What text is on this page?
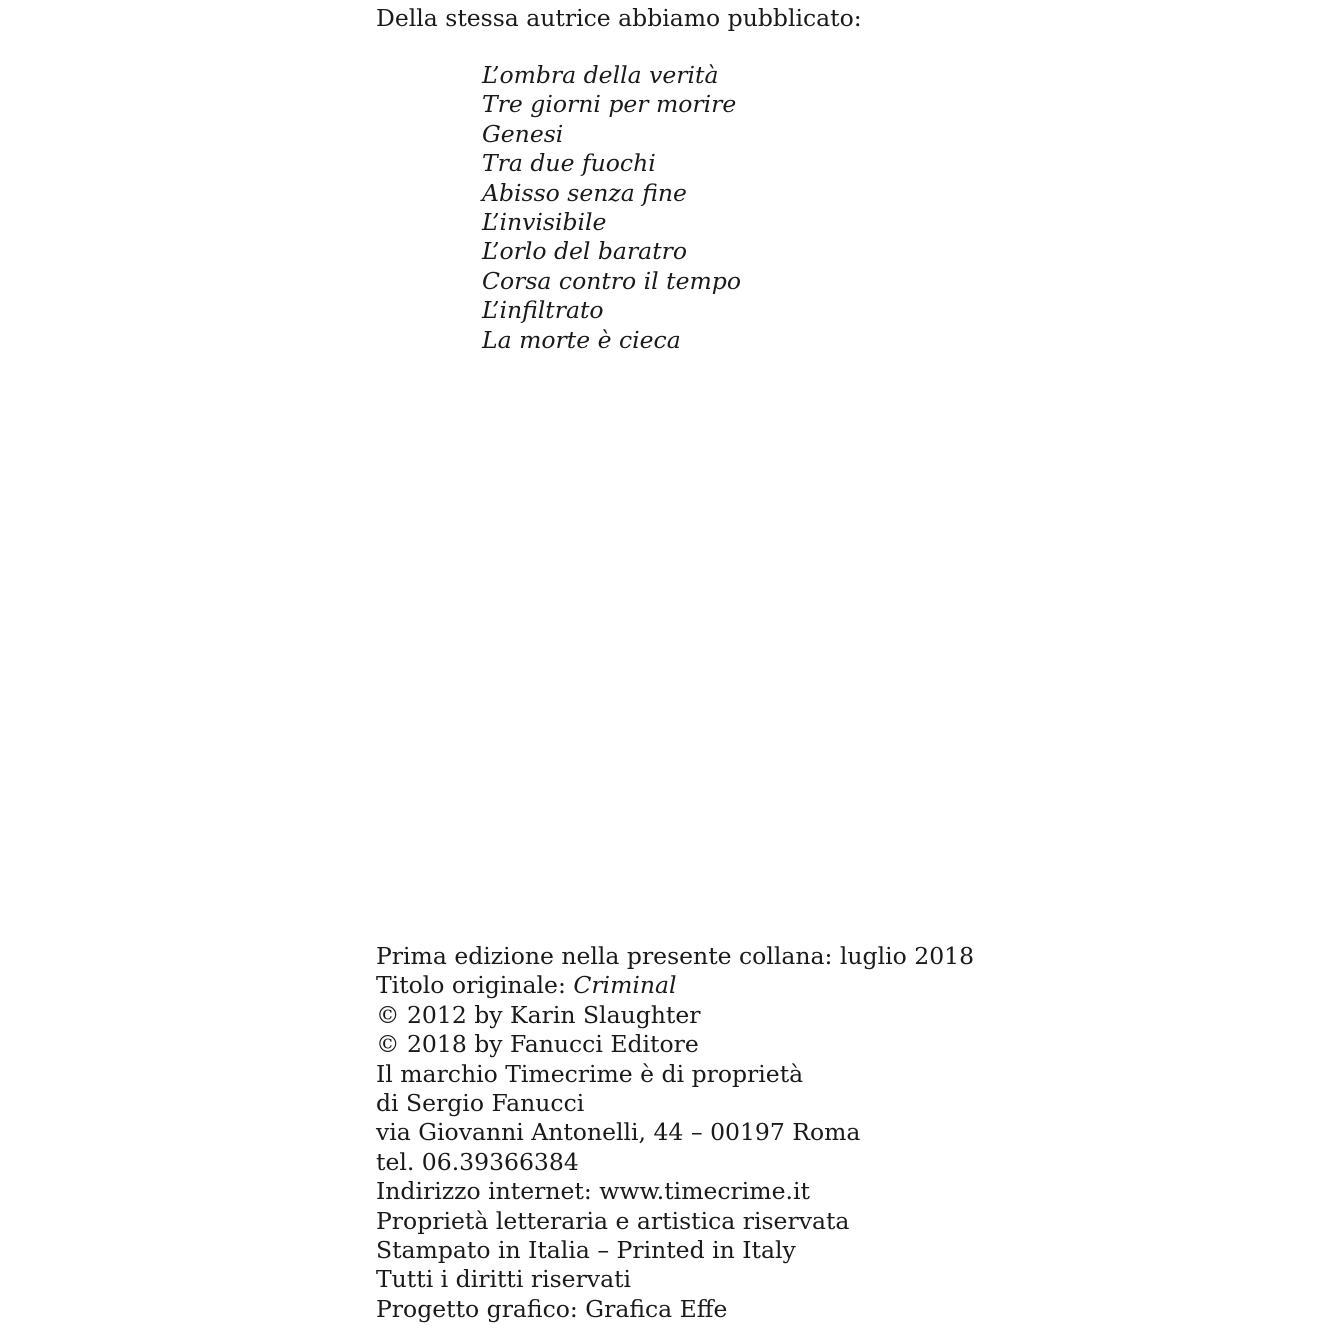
Della stessa autrice abbiamo pubblicato:
L’ombra della verità
Tre giorni per morire
Genesi
Tra due fuochi
Abisso senza fine
L’invisibile
L’orlo del baratro
Corsa contro il tempo
L’infiltrato
La morte è cieca
Prima edizione nella presente collana: luglio 2018
Titolo originale: Criminal
© 2012 by Karin Slaughter
© 2018 by Fanucci Editore
Il marchio Timecrime è di proprietà
di Sergio Fanucci
via Giovanni Antonelli, 44 – 00197 Roma
tel. 06.39366384
Indirizzo internet: www.timecrime.it
Proprietà letteraria e artistica riservata
Stampato in Italia – Printed in Italy
Tutti i diritti riservati
Progetto grafico: Grafica Effe
